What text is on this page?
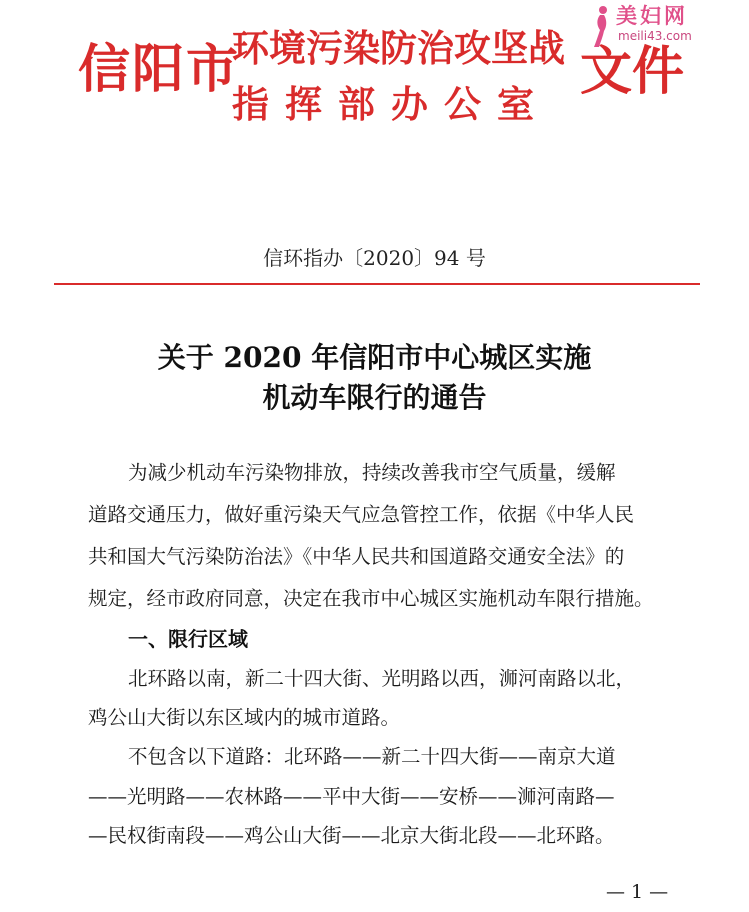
美妇网
meili43.com
信阳市
环境污染防治攻坚战
指挥部办公室
文件
信环指办〔2020〕94 号
关于 2020 年信阳市中心城区实施
机动车限行的通告
为减少机动车污染物排放，持续改善我市空气质量，缓解
道路交通压力，做好重污染天气应急管控工作，依据《中华人民
共和国大气污染防治法》《中华人民共和国道路交通安全法》的
规定，经市政府同意，决定在我市中心城区实施机动车限行措施。
一、限行区域
北环路以南，新二十四大街、光明路以西，浉河南路以北，
鸡公山大街以东区域内的城市道路。
不包含以下道路：北环路——新二十四大街——南京大道
——光明路——农林路——平中大街——安桥——浉河南路—
—民权街南段——鸡公山大街——北京大街北段——北环路。
— 1 —
